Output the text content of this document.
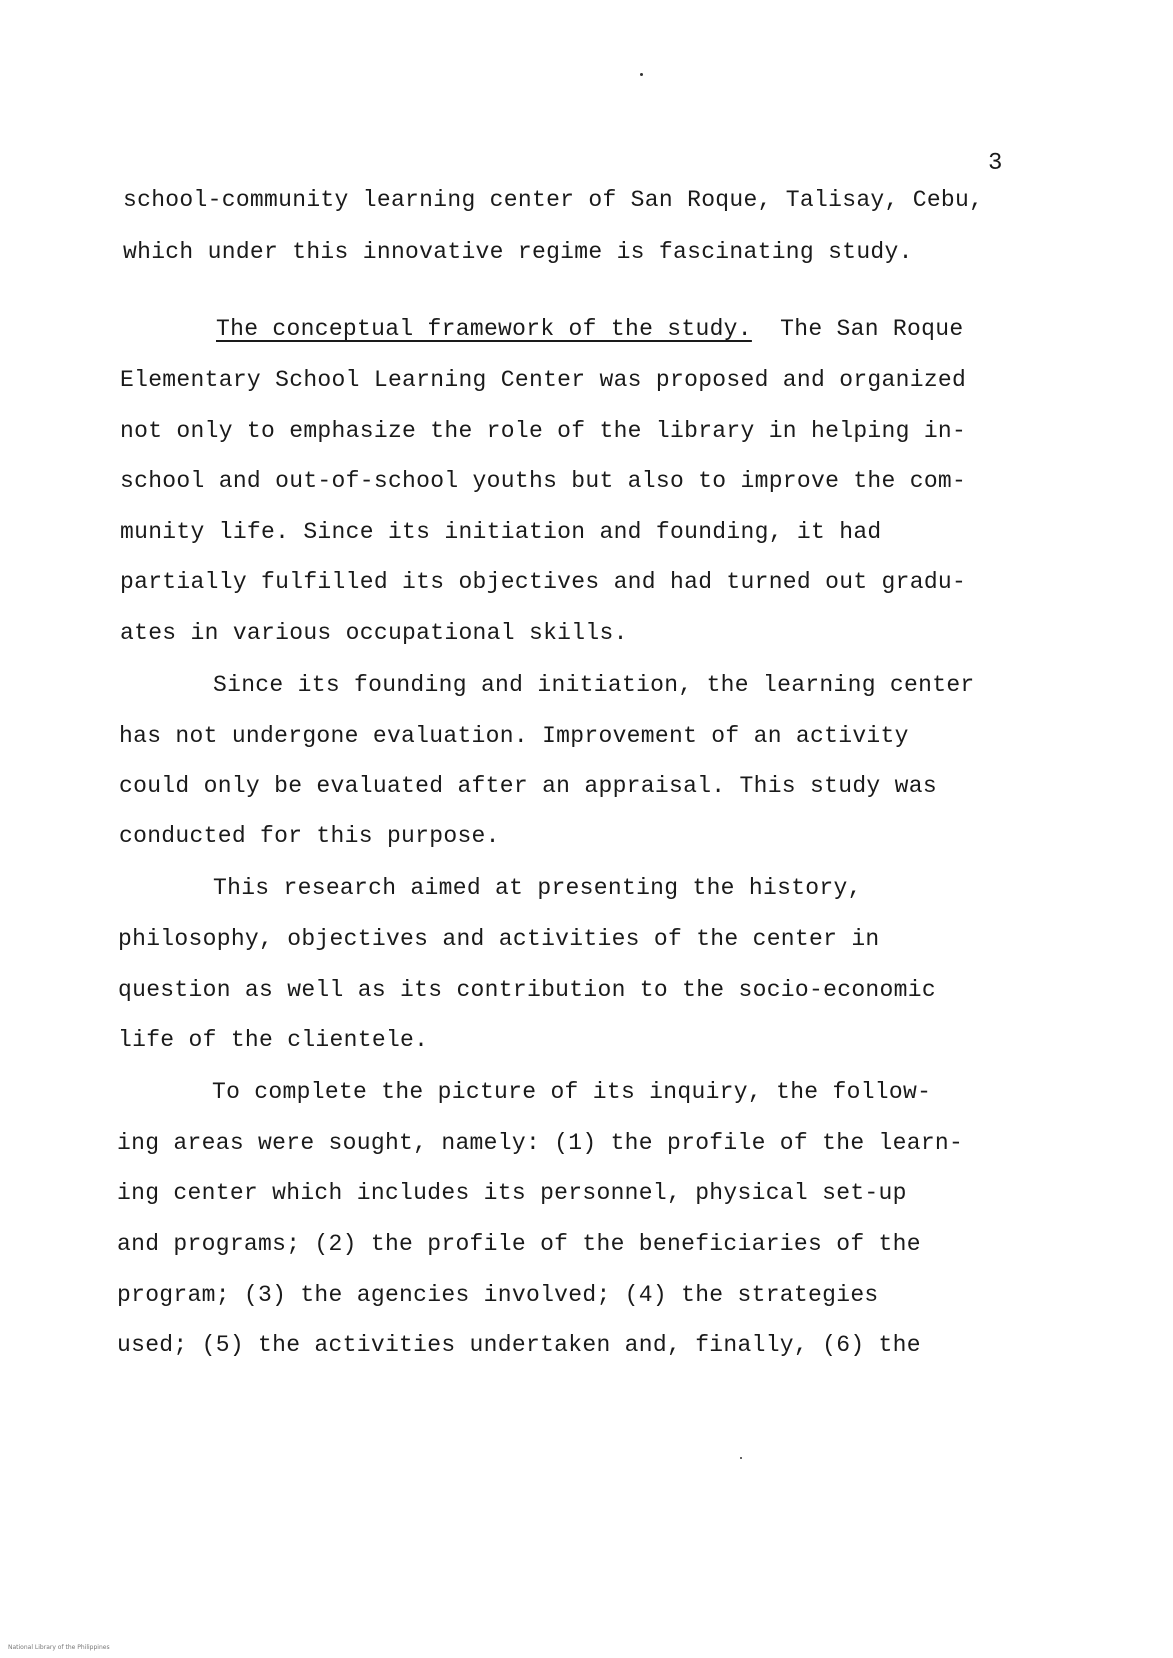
3
school-community learning center of San Roque, Talisay, Cebu,
which under this innovative regime is fascinating study.
The conceptual framework of the study. The San Roque
Elementary School Learning Center was proposed and organized
not only to emphasize the role of the library in helping in-
school and out-of-school youths but also to improve the com-
munity life. Since its initiation and founding, it had
partially fulfilled its objectives and had turned out gradu-
ates in various occupational skills.
Since its founding and initiation, the learning center
has not undergone evaluation. Improvement of an activity
could only be evaluated after an appraisal. This study was
conducted for this purpose.
This research aimed at presenting the history,
philosophy, objectives and activities of the center in
question as well as its contribution to the socio-economic
life of the clientele.
To complete the picture of its inquiry, the follow-
ing areas were sought, namely: (1) the profile of the learn-
ing center which includes its personnel, physical set-up
and programs; (2) the profile of the beneficiaries of the
program; (3) the agencies involved; (4) the strategies
used; (5) the activities undertaken and, finally, (6) the
National Library of the Philippines
